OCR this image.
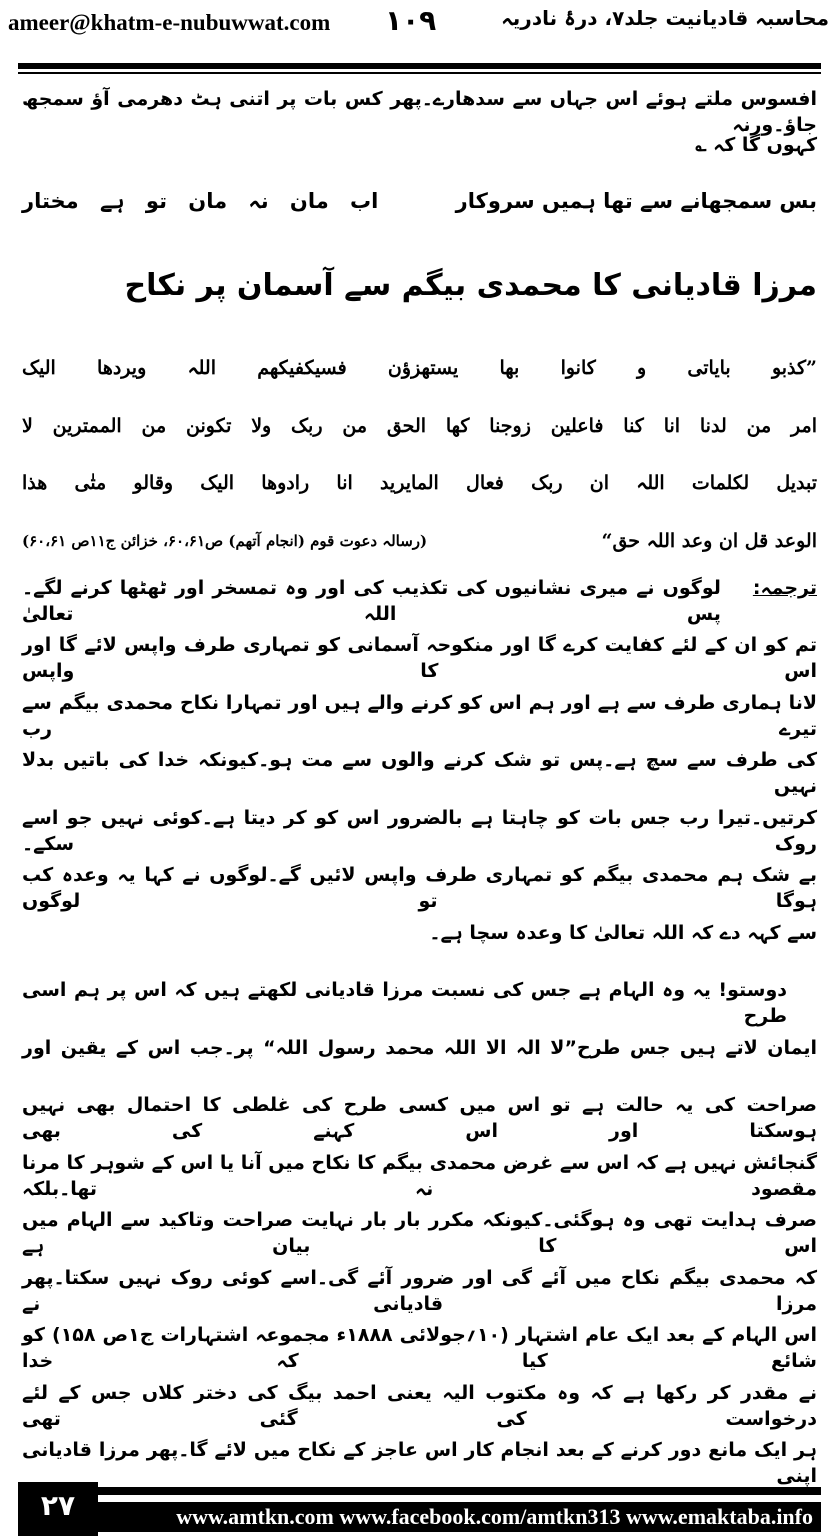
ameer@khatm-e-nubuwwat.com ۱۰۹	محاسبہ قادیانیت جلد۷، درۂ نادریہ
افسوس ملتے ہوئے اس جہاں سے سدھارے۔پھر کس بات پر اتنی ہٹ دھرمی آؤ سمجھ جاؤ۔ورنہ
کہوں گا کہ ؎
بس سمجھانے سے تھا ہمیں سروکار
اب مان نہ مان تو ہے مختار
مرزا قادیانی کا محمدی بیگم سے آسمان پر نکاح
”کذبو بایاتی و کانوا بھا یستھزؤن فسیکفیکھم اللہ ویردھا الیک
امر من لدنا انا کنا فاعلین زوجنا کھا الحق من ربک ولا تکونن من الممترین لا
تبدیل لکلمات اللہ ان ربک فعال المایرید انا رادوھا الیک وقالو متٰی ھذا
الوعد قل ان وعد اللہ حق“
(رسالہ دعوت قوم (انجام آتھم) ص۶۰،۶۱، خزائن ج۱۱ص ۶۰،۶۱)
ترجمہ:
لوگوں نے میری نشانیوں کی تکذیب کی اور وہ تمسخر اور ٹھٹھا کرنے لگے۔پس اللہ تعالیٰ
تم کو ان کے لئے کفایت کرے گا اور منکوحہ آسمانی کو تمہاری طرف واپس لائے گا اور اس کا واپس
لانا ہماری طرف سے ہے اور ہم اس کو کرنے والے ہیں اور تمہارا نکاح محمدی بیگم سے تیرے رب
کی طرف سے سچ ہے۔پس تو شک کرنے والوں سے مت ہو۔کیونکہ خدا کی باتیں بدلا نہیں
کرتیں۔تیرا رب جس بات کو چاہتا ہے بالضرور اس کو کر دیتا ہے۔کوئی نہیں جو اسے روک سکے۔
بے شک ہم محمدی بیگم کو تمہاری طرف واپس لائیں گے۔لوگوں نے کہا یہ وعدہ کب ہوگا تو لوگوں
سے کہہ دے کہ اللہ تعالیٰ کا وعدہ سچا ہے۔
دوستو! یہ وہ الہام ہے جس کی نسبت مرزا قادیانی لکھتے ہیں کہ اس پر ہم اسی طرح
ایمان لاتے ہیں جس طرح”لا الہ الا اللہ محمد رسول اللہ“ پر۔جب اس کے یقین اور
صراحت کی یہ حالت ہے تو اس میں کسی طرح کی غلطی کا احتمال بھی نہیں ہوسکتا اور اس کہنے کی بھی
گنجائش نہیں ہے کہ اس سے غرض محمدی بیگم کا نکاح میں آنا یا اس کے شوہر کا مرنا مقصود نہ تھا۔بلکہ
صرف ہدایت تھی وہ ہوگئی۔کیونکہ مکرر بار بار نہایت صراحت وتاکید سے الہام میں اس کا بیان ہے
کہ محمدی بیگم نکاح میں آئے گی اور ضرور آئے گی۔اسے کوئی روک نہیں سکتا۔پھر مرزا قادیانی نے
اس الہام کے بعد ایک عام اشتہار (۱۰؍جولائی ۱۸۸۸ء مجموعہ اشتہارات ج۱ص ۱۵۸) کو شائع کیا کہ خدا
نے مقدر کر رکھا ہے کہ وہ مکتوب الیہ یعنی احمد بیگ کی دختر کلاں جس کے لئے درخواست کی گئی تھی
ہر ایک مانع دور کرنے کے بعد انجام کار اس عاجز کے نکاح میں لائے گا۔پھر مرزا قادیانی اپنی
www.amtkn.com www.facebook.com/amtkn313 www.emaktaba.info
۲۷
